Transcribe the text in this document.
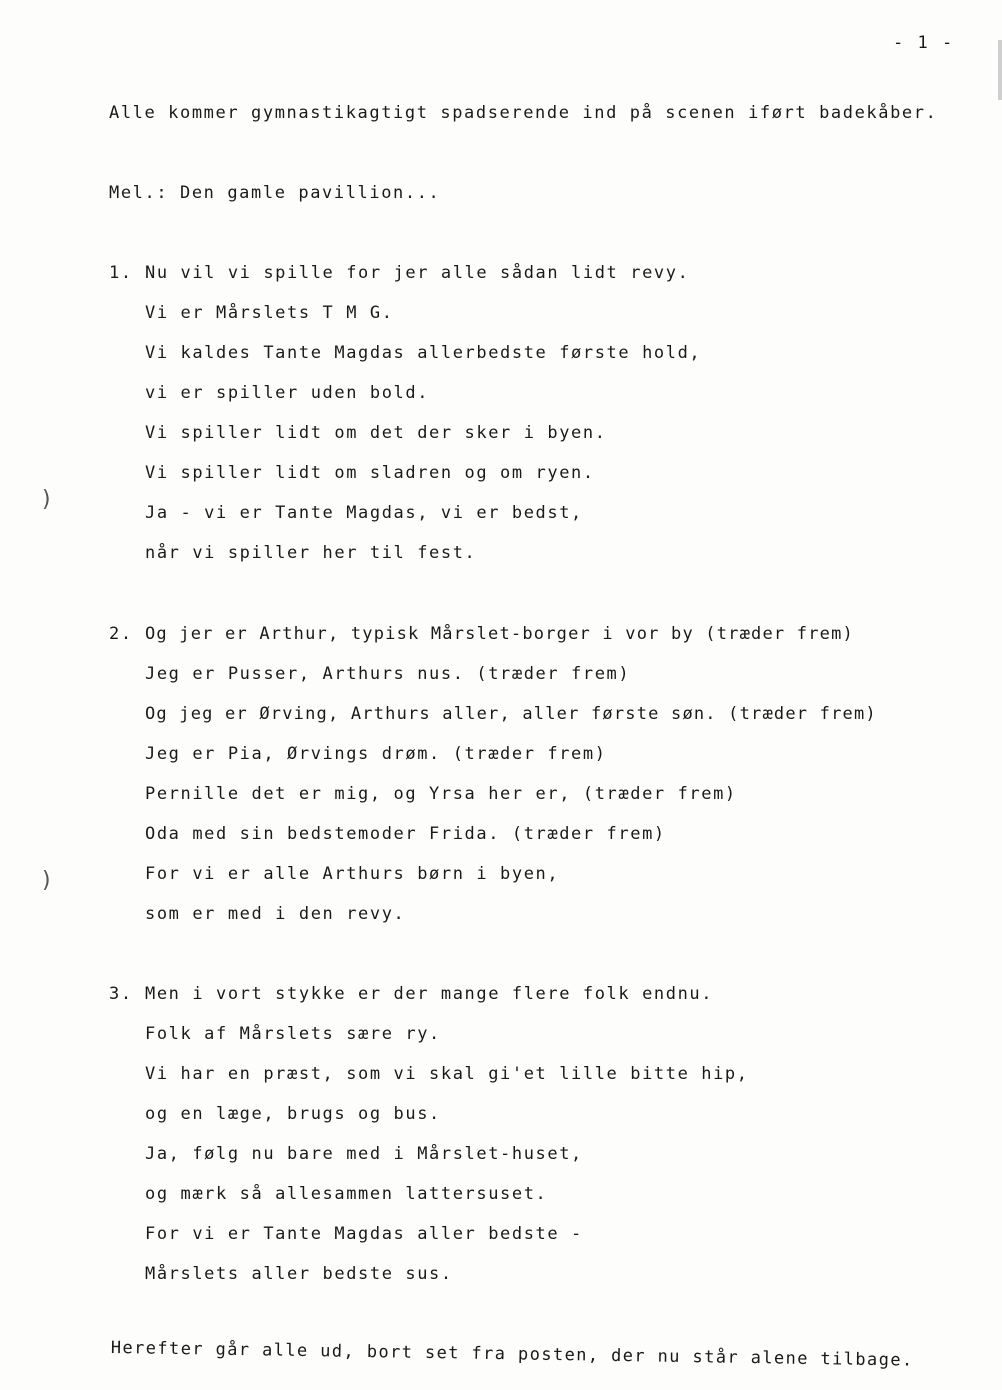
- 1 -
Alle kommer gymnastikagtigt spadserende ind på scenen iført badekåber.
Mel.: Den gamle pavillion...
1. Nu vil vi spille for jer alle sådan lidt revy.
Vi er Mårslets T M G.
Vi kaldes Tante Magdas allerbedste første hold,
vi er spiller uden bold.
Vi spiller lidt om det der sker i byen.
Vi spiller lidt om sladren og om ryen.
Ja - vi er Tante Magdas, vi er bedst,
når vi spiller her til fest.
2. Og jer er Arthur, typisk Mårslet-borger i vor by (træder frem)
Jeg er Pusser, Arthurs nus. (træder frem)
Og jeg er Ørving, Arthurs aller, aller første søn. (træder frem)
Jeg er Pia, Ørvings drøm. (træder frem)
Pernille det er mig, og Yrsa her er, (træder frem)
Oda med sin bedstemoder Frida. (træder frem)
For vi er alle Arthurs børn i byen,
som er med i den revy.
3. Men i vort stykke er der mange flere folk endnu.
Folk af Mårslets sære ry.
Vi har en præst, som vi skal gi'et lille bitte hip,
og en læge, brugs og bus.
Ja, følg nu bare med i Mårslet-huset,
og mærk så allesammen lattersuset.
For vi er Tante Magdas aller bedste -
Mårslets aller bedste sus.
Herefter går alle ud, bort set fra posten, der nu står alene tilbage.
)
)
